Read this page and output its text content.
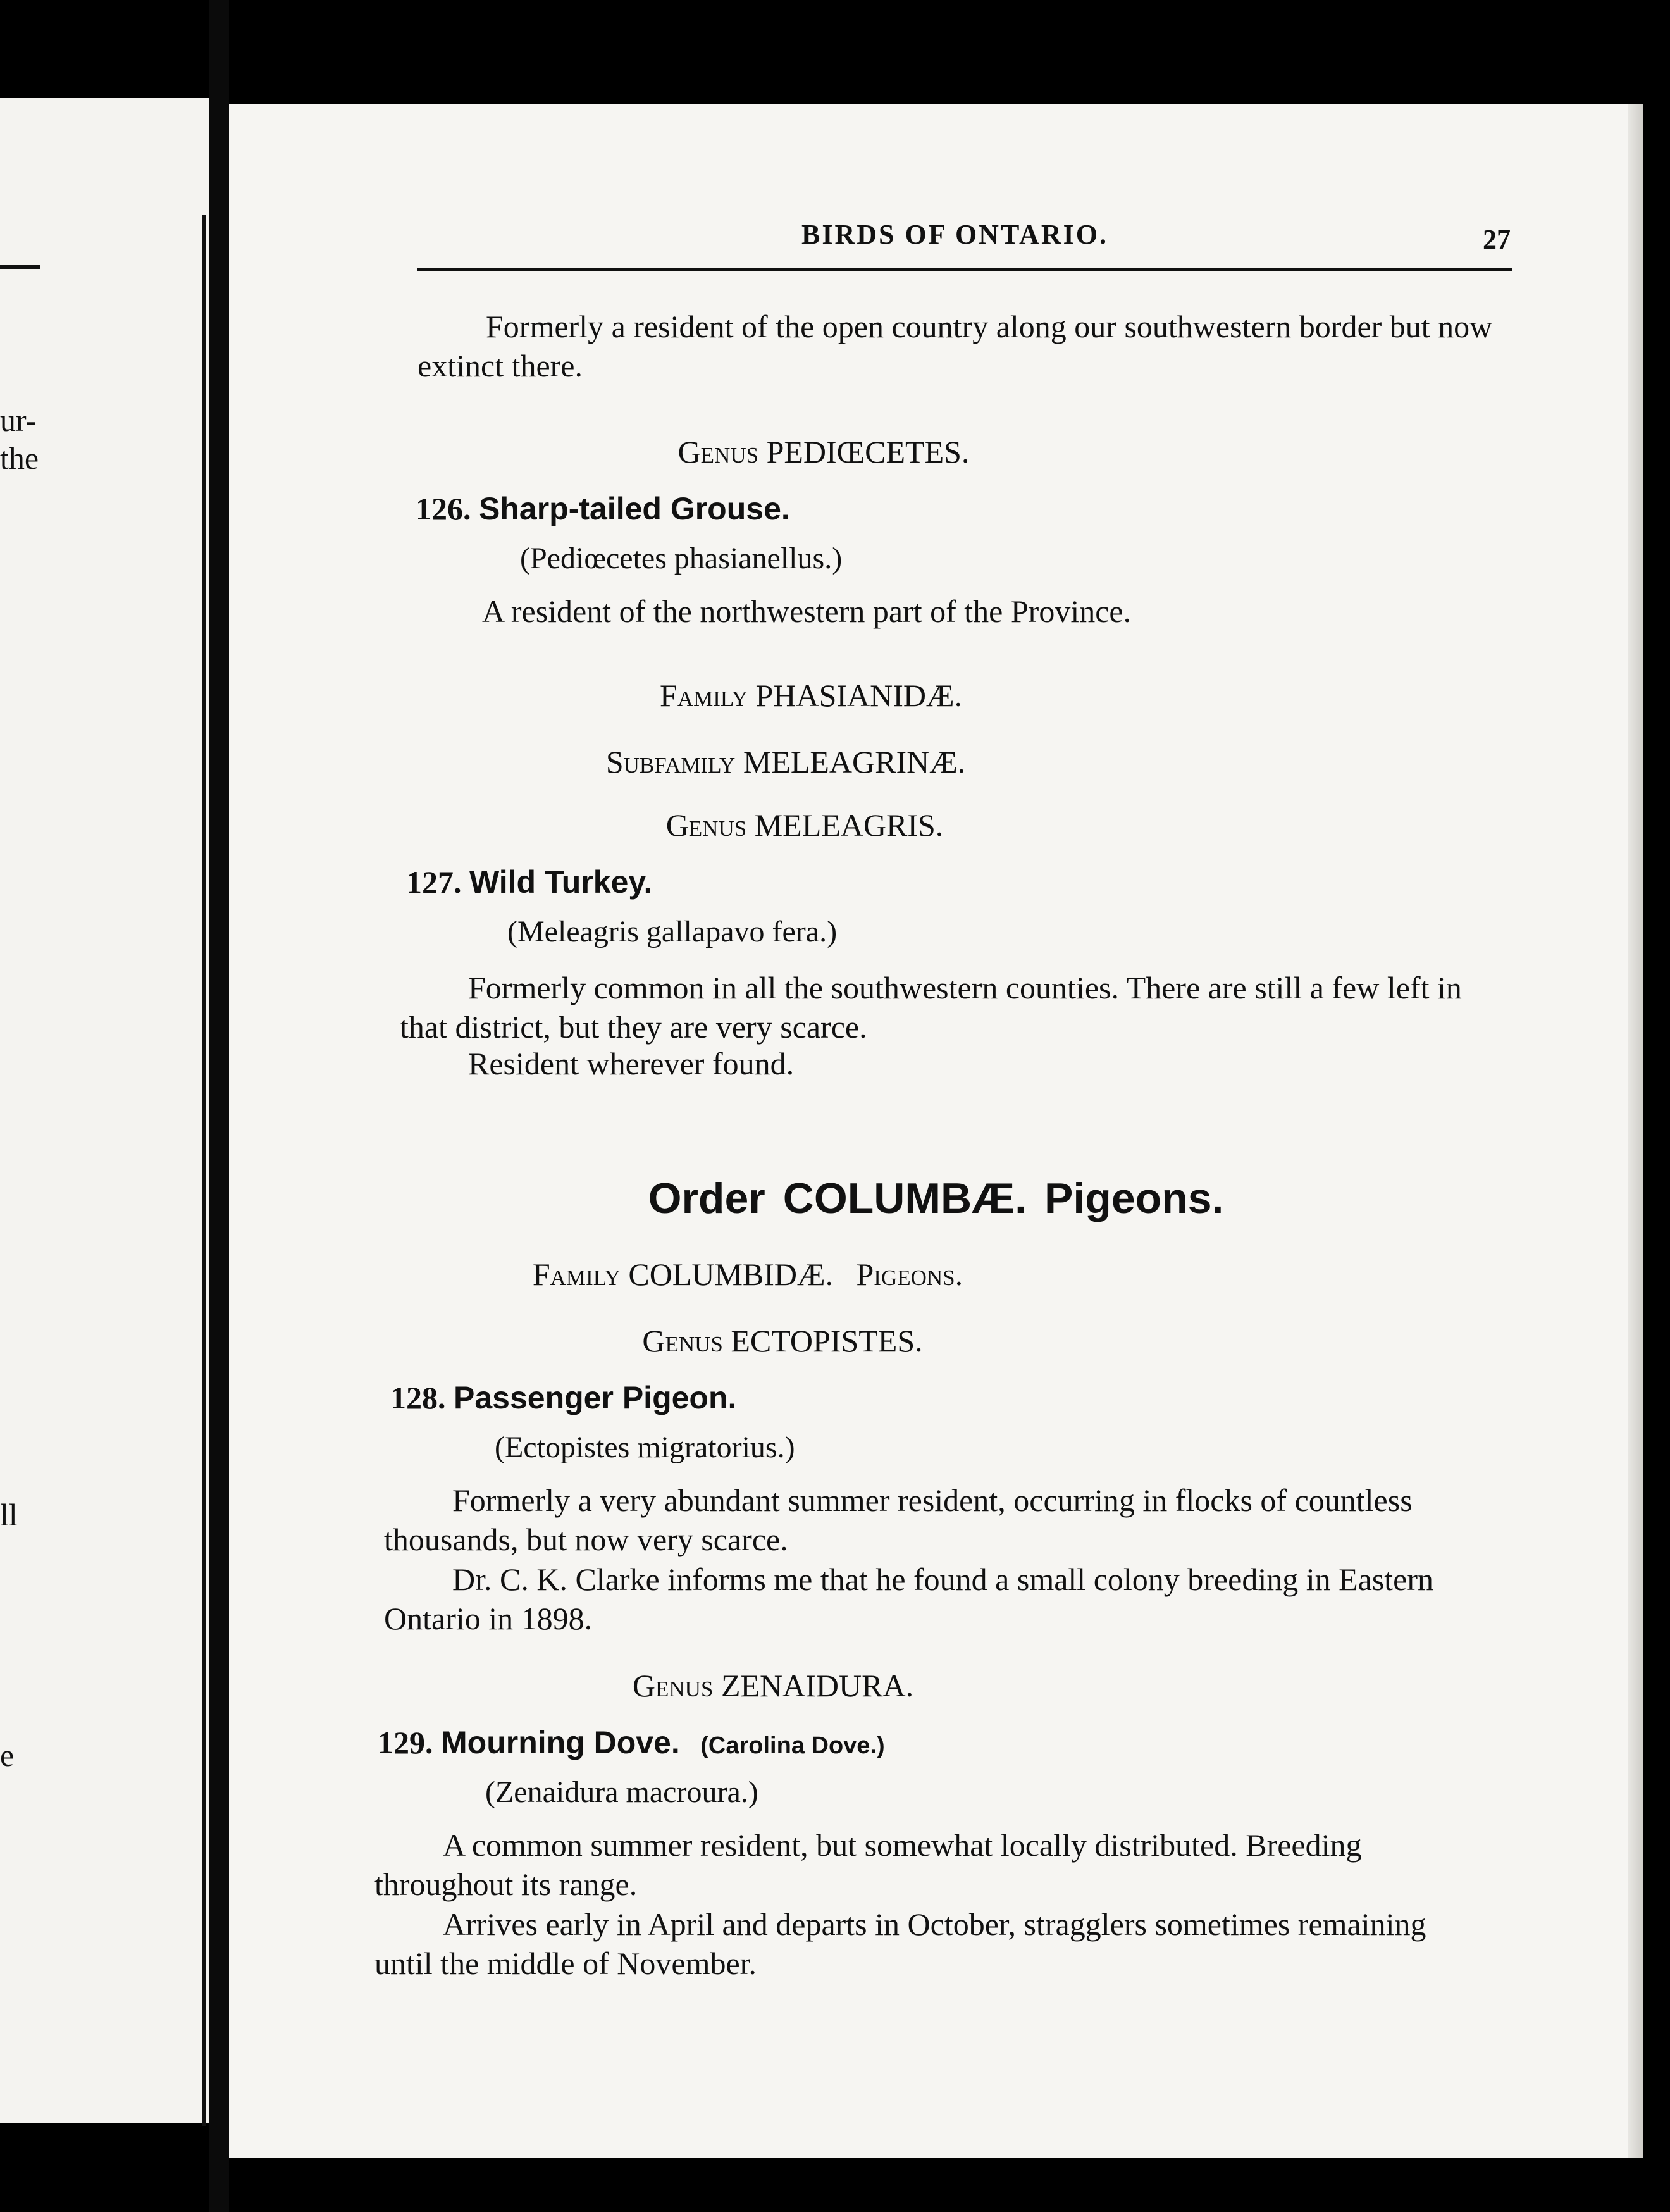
ur-
the
ll
e
BIRDS OF ONTARIO.	27

Formerly a resident of the open country along our southwestern border but now extinct there.

Genus PEDIŒCETES.
126. Sharp-tailed Grouse.
(Pediœcetes phasianellus.)

A resident of the northwestern part of the Province.

Family PHASIANIDÆ.
Subfamily MELEAGRINÆ.
Genus MELEAGRIS.
127. Wild Turkey.
(Meleagris gallapavo fera.)

Formerly common in all the southwestern counties. There are still a few left in that district, but they are very scarce.

Resident wherever found.

Order COLUMBÆ. Pigeons.
Family COLUMBIDÆ. Pigeons.
Genus ECTOPISTES.
128. Passenger Pigeon.
(Ectopistes migratorius.)

Formerly a very abundant summer resident, occurring in flocks of countless thousands, but now very scarce.

Dr. C. K. Clarke informs me that he found a small colony breeding in Eastern Ontario in 1898.

Genus ZENAIDURA.
129. Mourning Dove. (Carolina Dove.)
(Zenaidura macroura.)

A common summer resident, but somewhat locally distributed. Breeding throughout its range.

Arrives early in April and departs in October, stragglers sometimes remaining until the middle of November.
